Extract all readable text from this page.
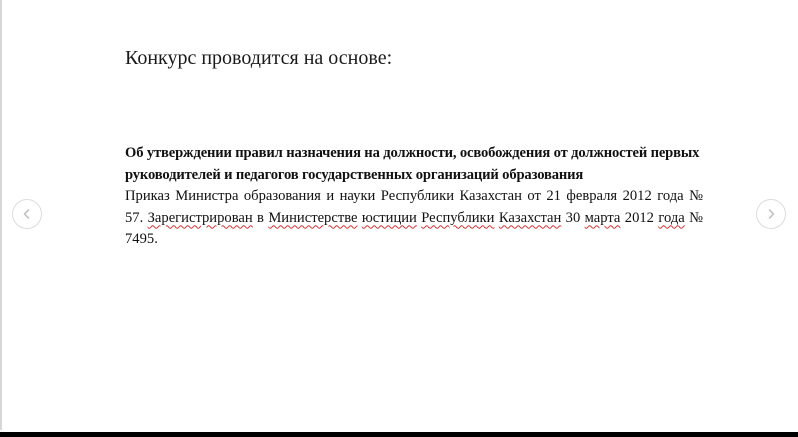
Конкурс проводится на основе:
Об утверждении правил назначения на должности, освобождения от должностей первых руководителей и педагогов государственных организаций образования
Приказ Министра образования и науки Республики Казахстан от 21 февраля 2012 года № 57. Зарегистрирован в Министерстве юстиции Республики Казахстан 30 марта 2012 года № 7495.
